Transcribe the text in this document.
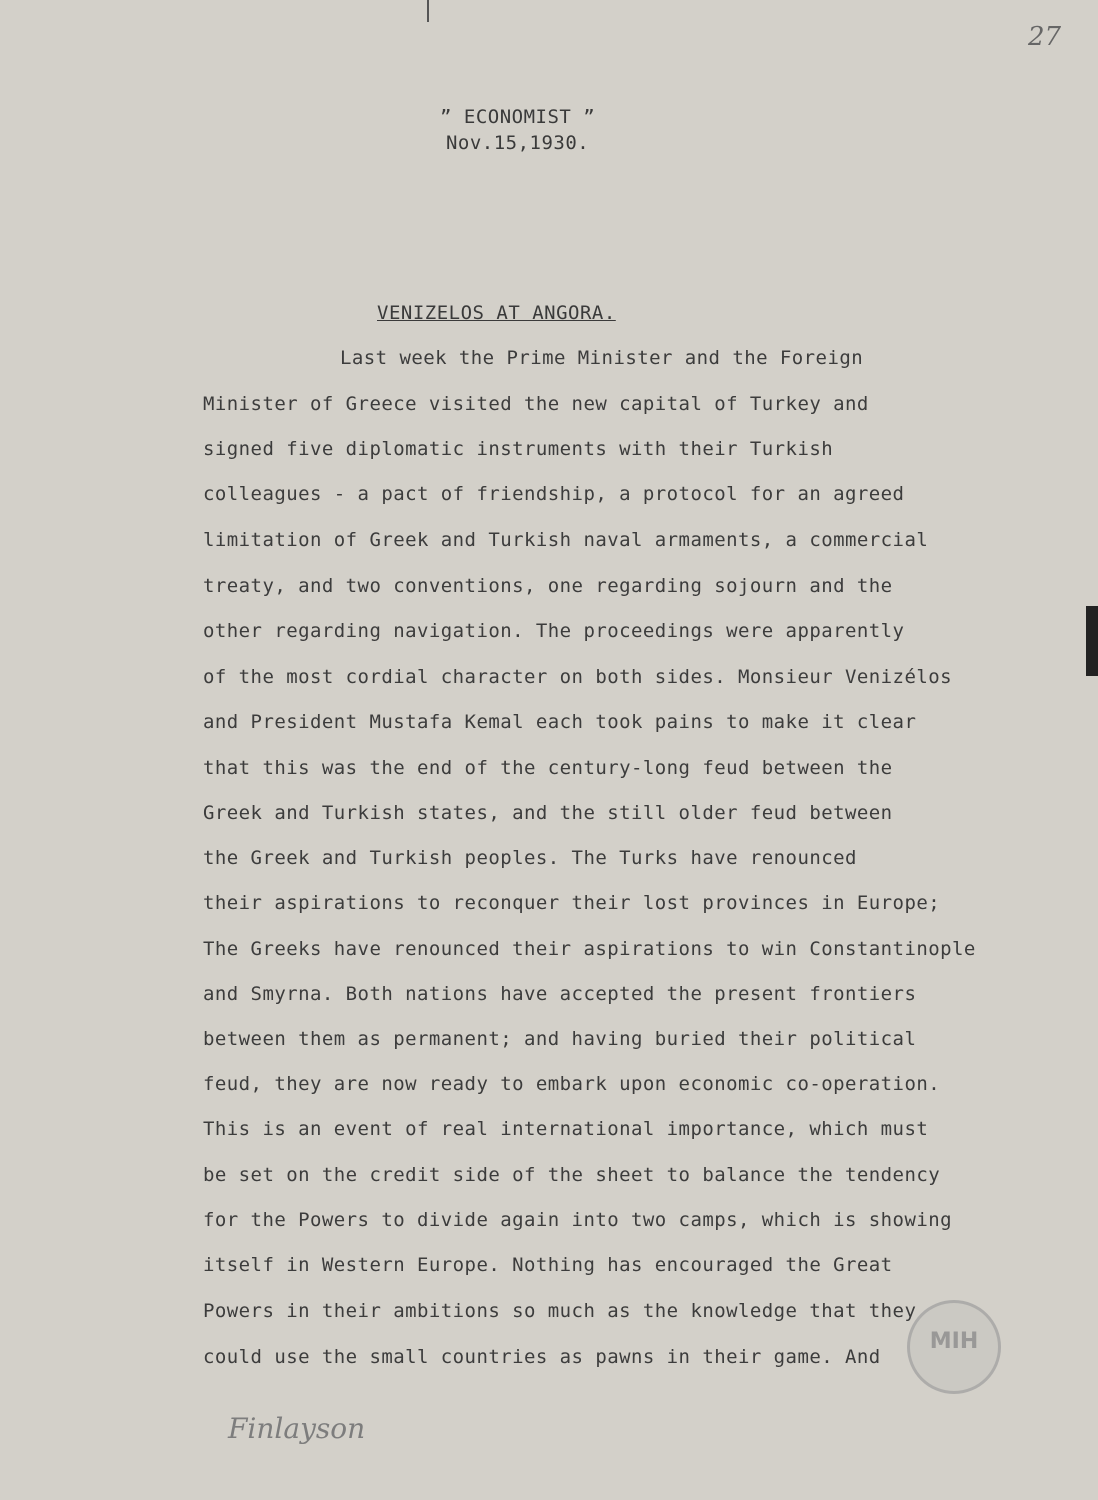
27
” ECONOMIST ”
Nov.15,1930.
VENIZELOS AT ANGORA.
Last week the Prime Minister and the Foreign
Minister of Greece visited the new capital of Turkey and
signed five diplomatic instruments with their Turkish
colleagues - a pact of friendship, a protocol for an agreed
limitation of Greek and Turkish naval armaments, a commercial
treaty, and two conventions, one regarding sojourn and the
other regarding navigation. The proceedings were apparently
of the most cordial character on both sides. Monsieur Venizélos
and President Mustafa Kemal each took pains to make it clear
that this was the end of the century-long feud between the
Greek and Turkish states, and the still older feud between
the Greek and Turkish peoples. The Turks have renounced
their aspirations to reconquer their lost provinces in Europe;
The Greeks have renounced their aspirations to win Constantinople
and Smyrna. Both nations have accepted the present frontiers
between them as permanent; and having buried their political
feud, they are now ready to embark upon economic co-operation.
This is an event of real international importance, which must
be set on the credit side of the sheet to balance the tendency
for the Powers to divide again into two camps, which is showing
itself in Western Europe. Nothing has encouraged the Great
Powers in their ambitions so much as the knowledge that they
could use the small countries as pawns in their game. And
MIH
Finlayson
